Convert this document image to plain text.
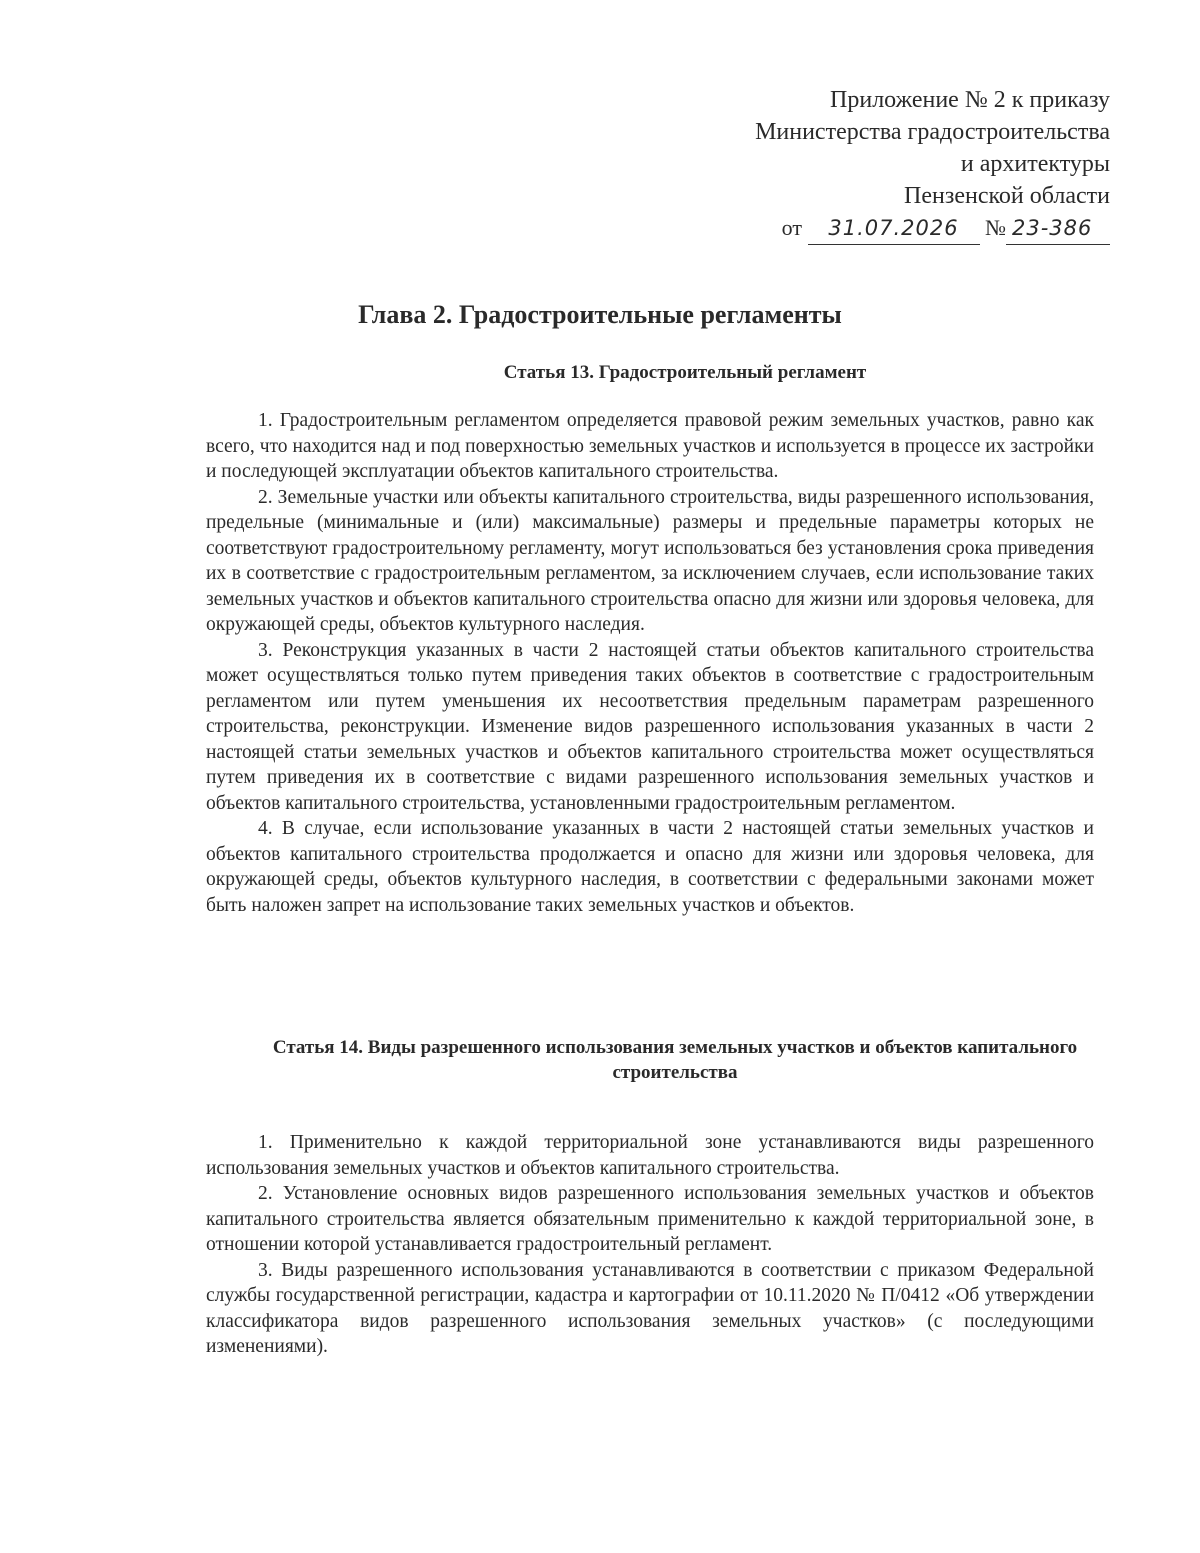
Приложение № 2 к приказу
Министерства градостроительства
и архитектуры
Пензенской области
от 31.07.2026 № 23-386
Глава 2. Градостроительные регламенты
Статья 13. Градостроительный регламент

1. Градостроительным регламентом определяется правовой режим земельных участков, равно как всего, что находится над и под поверхностью земельных участков и используется в процессе их застройки и последующей эксплуатации объектов капитального строительства.

2. Земельные участки или объекты капитального строительства, виды разрешенного использования, предельные (минимальные и (или) максимальные) размеры и предельные параметры которых не соответствуют градостроительному регламенту, могут использоваться без установления срока приведения их в соответствие с градостроительным регламентом, за исключением случаев, если использование таких земельных участков и объектов капитального строительства опасно для жизни или здоровья человека, для окружающей среды, объектов культурного наследия.

3. Реконструкция указанных в части 2 настоящей статьи объектов капитального строительства может осуществляться только путем приведения таких объектов в соответствие с градостроительным регламентом или путем уменьшения их несоответствия предельным параметрам разрешенного строительства, реконструкции. Изменение видов разрешенного использования указанных в части 2 настоящей статьи земельных участков и объектов капитального строительства может осуществляться путем приведения их в соответствие с видами разрешенного использования земельных участков и объектов капитального строительства, установленными градостроительным регламентом.

4. В случае, если использование указанных в части 2 настоящей статьи земельных участков и объектов капитального строительства продолжается и опасно для жизни или здоровья человека, для окружающей среды, объектов культурного наследия, в соответствии с федеральными законами может быть наложен запрет на использование таких земельных участков и объектов.

Статья 14. Виды разрешенного использования земельных участков и объектов капитального строительства

1. Применительно к каждой территориальной зоне устанавливаются виды разрешенного использования земельных участков и объектов капитального строительства.

2. Установление основных видов разрешенного использования земельных участков и объектов капитального строительства является обязательным применительно к каждой территориальной зоне, в отношении которой устанавливается градостроительный регламент.

3. Виды разрешенного использования устанавливаются в соответствии с приказом Федеральной службы государственной регистрации, кадастра и картографии от 10.11.2020 № П/0412 «Об утверждении классификатора видов разрешенного использования земельных участков» (с последующими изменениями).
